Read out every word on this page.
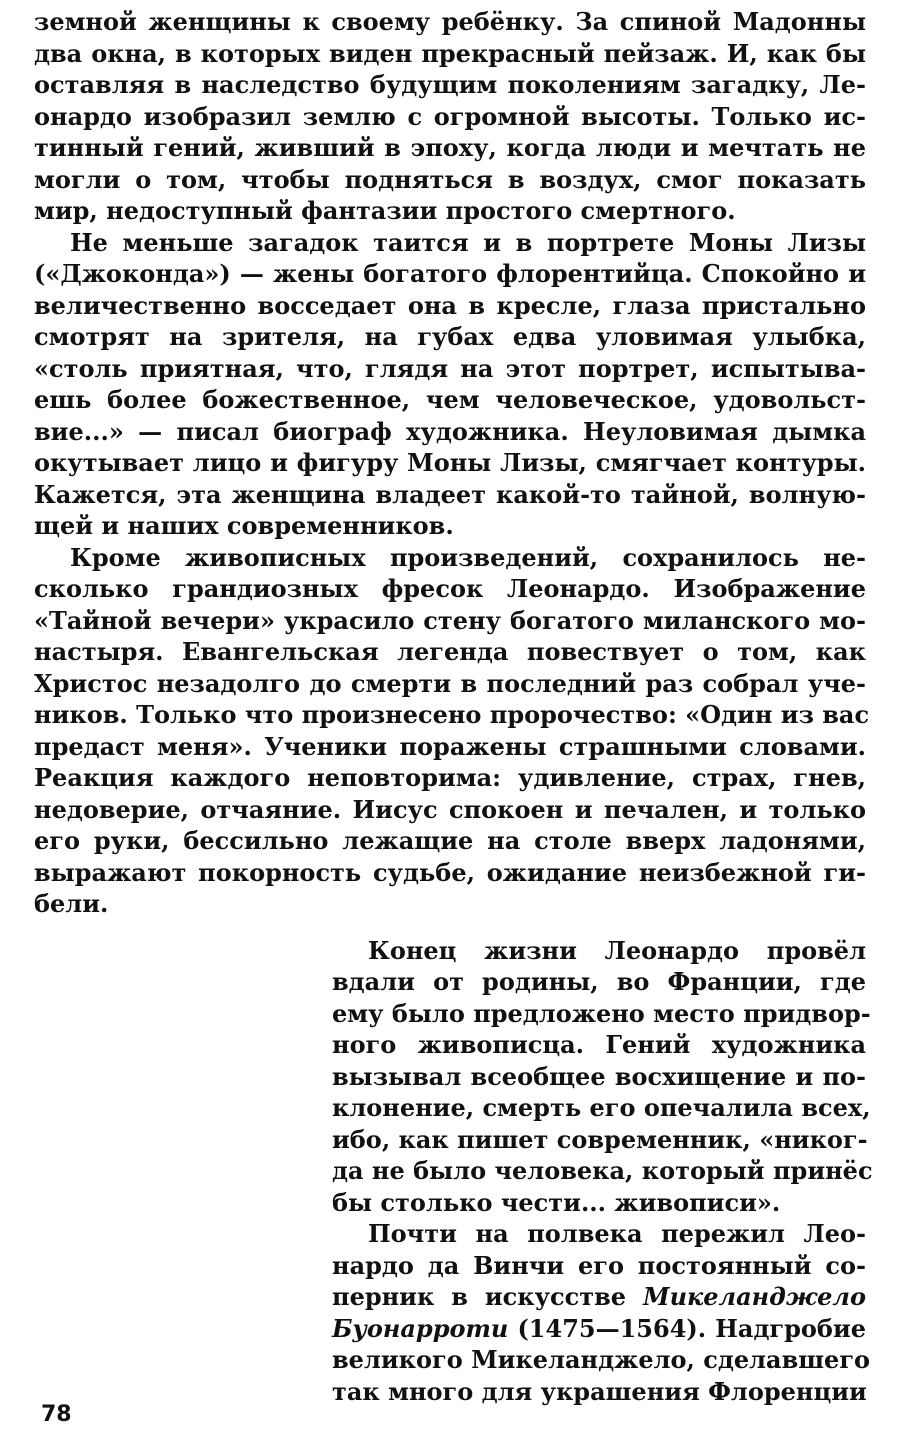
земной женщины к своему ребёнку. За спиной Мадонны
два окна, в которых виден прекрасный пейзаж. И, как бы
оставляя в наследство будущим поколениям загадку, Ле-
онардо изобразил землю с огромной высоты. Только ис-
тинный гений, живший в эпоху, когда люди и мечтать не
могли о том, чтобы подняться в воздух, смог показать
мир, недоступный фантазии простого смертного.
Не меньше загадок таится и в портрете Моны Лизы
(«Джоконда») — жены богатого флорентийца. Спокойно и
величественно восседает она в кресле, глаза пристально
смотрят на зрителя, на губах едва уловимая улыбка,
«столь приятная, что, глядя на этот портрет, испытыва-
ешь более божественное, чем человеческое, удовольст-
вие...» — писал биограф художника. Неуловимая дымка
окутывает лицо и фигуру Моны Лизы, смягчает контуры.
Кажется, эта женщина владеет какой-то тайной, волную-
щей и наших современников.
Кроме живописных произведений, сохранилось не-
сколько грандиозных фресок Леонардо. Изображение
«Тайной вечери» украсило стену богатого миланского мо-
настыря. Евангельская легенда повествует о том, как
Христос незадолго до смерти в последний раз собрал уче-
ников. Только что произнесено пророчество: «Один из вас
предаст меня». Ученики поражены страшными словами.
Реакция каждого неповторима: удивление, страх, гнев,
недоверие, отчаяние. Иисус спокоен и печален, и только
его руки, бессильно лежащие на столе вверх ладонями,
выражают покорность судьбе, ожидание неизбежной ги-
бели.
Конец жизни Леонардо провёл
вдали от родины, во Франции, где
ему было предложено место придвор-
ного живописца. Гений художника
вызывал всеобщее восхищение и по-
клонение, смерть его опечалила всех,
ибо, как пишет современник, «никог-
да не было человека, который принёс
бы столько чести... живописи».
Почти на полвека пережил Лео-
нардо да Винчи его постоянный со-
перник в искусстве Микеланджело
Буонарроти (1475—1564). Надгробие
великого Микеланджело, сделавшего
так много для украшения Флоренции
78
